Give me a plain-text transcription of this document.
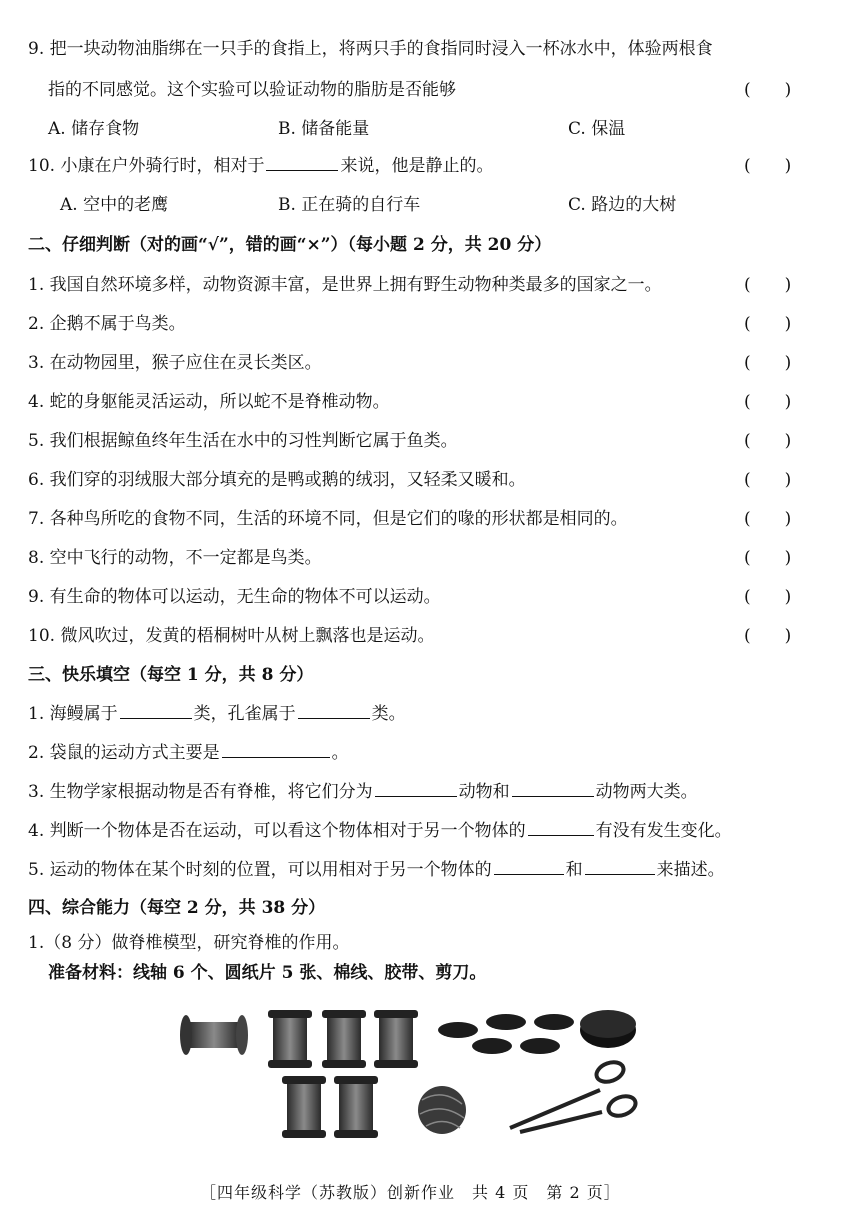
9. 把一块动物油脂绑在一只手的食指上，将两只手的食指同时浸入一杯冰水中，体验两根食
指的不同感觉。这个实验可以验证动物的脂肪是否能够	(　　)
A. 储存食物	B. 储备能量	C. 保温
10. 小康在户外骑行时，相对于	来说，他是静止的。	(　　)
A. 空中的老鹰	B. 正在骑的自行车	C. 路边的大树
二、仔细判断（对的画“√”，错的画“×”）（每小题 2 分，共 20 分）
1. 我国自然环境多样，动物资源丰富，是世界上拥有野生动物种类最多的国家之一。	(　　)
2. 企鹅不属于鸟类。	(　　)
3. 在动物园里，猴子应住在灵长类区。	(　　)
4. 蛇的身躯能灵活运动，所以蛇不是脊椎动物。	(　　)
5. 我们根据鲸鱼终年生活在水中的习性判断它属于鱼类。	(　　)
6. 我们穿的羽绒服大部分填充的是鸭或鹅的绒羽，又轻柔又暖和。	(　　)
7. 各种鸟所吃的食物不同，生活的环境不同，但是它们的喙的形状都是相同的。	(　　)
8. 空中飞行的动物，不一定都是鸟类。	(　　)
9. 有生命的物体可以运动，无生命的物体不可以运动。	(　　)
10. 微风吹过，发黄的梧桐树叶从树上飘落也是运动。	(　　)
三、快乐填空（每空 1 分，共 8 分）
1. 海鳗属于	类，孔雀属于	类。
2. 袋鼠的运动方式主要是	。
3. 生物学家根据动物是否有脊椎，将它们分为	动物和	动物两大类。
4. 判断一个物体是否在运动，可以看这个物体相对于另一个物体的	有没有发生变化。
5. 运动的物体在某个时刻的位置，可以用相对于另一个物体的	和	来描述。
四、综合能力（每空 2 分，共 38 分）
1.（8 分）做脊椎模型，研究脊椎的作用。
准备材料：线轴 6 个、圆纸片 5 张、棉线、胶带、剪刀。
［四年级科学（苏教版）创新作业　共 4 页　第 2 页］
